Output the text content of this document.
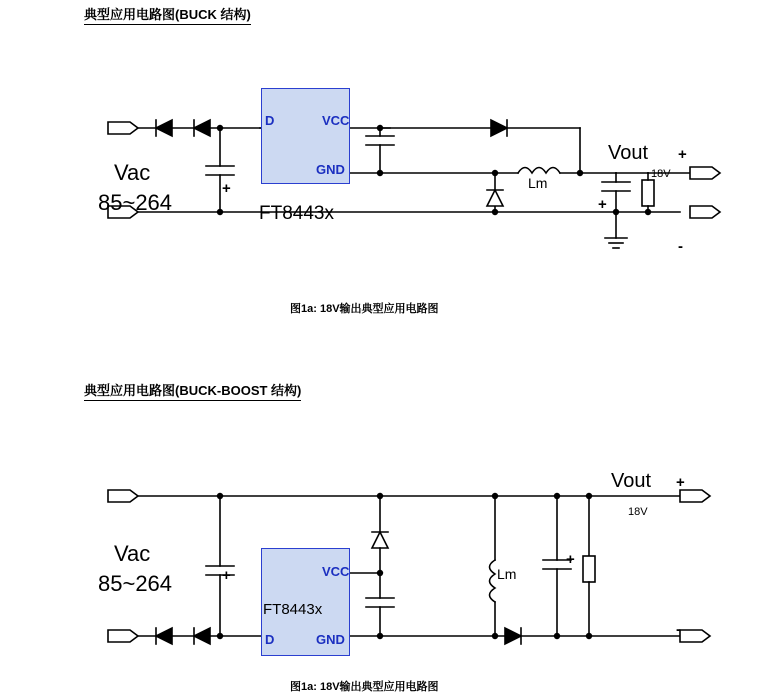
典型应用电路图(BUCK 结构)
D	VCC
GND
FT8443x
Vac
85~264
+	Lm
+
Vout
18V
+
-
图1a: 18V输出典型应用电路图
典型应用电路图(BUCK-BOOST 结构)
VCC
D	GND
FT8443x
Vac
85~264	+	Lm
+
Vout
18V
+
-
图1a: 18V输出典型应用电路图
